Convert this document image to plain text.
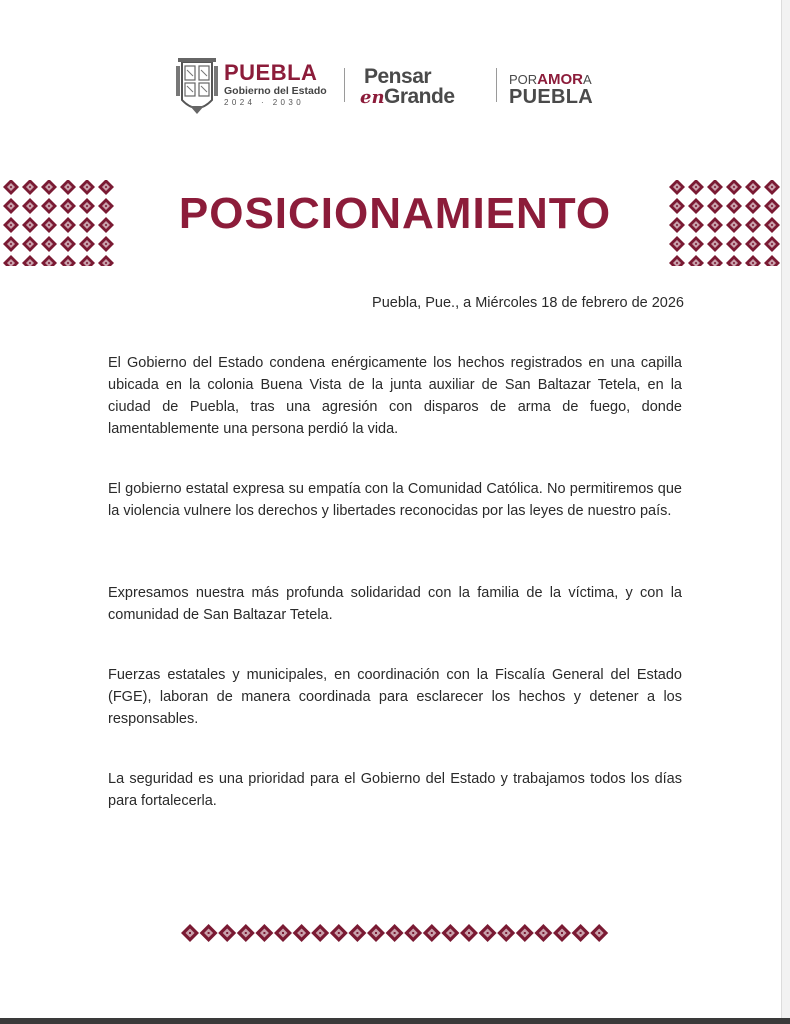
PUEBLA
Gobierno del Estado
2024 · 2030
Pensar
en Grande
PORAMORA
PUEBLA
POSICIONAMIENTO
Puebla, Pue., a Miércoles 18 de febrero de 2026

El Gobierno del Estado condena enérgicamente los hechos registrados en una capilla ubicada en la colonia Buena Vista de la junta auxiliar de San Baltazar Tetela, en la ciudad de Puebla, tras una agresión con disparos de arma de fuego, donde lamentablemente una persona perdió la vida.

El gobierno estatal expresa su empatía con la Comunidad Católica. No permitiremos que la violencia vulnere los derechos y libertades reconocidas por las leyes de nuestro país.

Expresamos nuestra más profunda solidaridad con la familia de la víctima, y con la comunidad de San Baltazar Tetela.

Fuerzas estatales y municipales, en coordinación con la Fiscalía General del Estado (FGE), laboran de manera coordinada para esclarecer los hechos y detener a los responsables.

La seguridad es una prioridad para el Gobierno del Estado y trabajamos todos los días para fortalecerla.
